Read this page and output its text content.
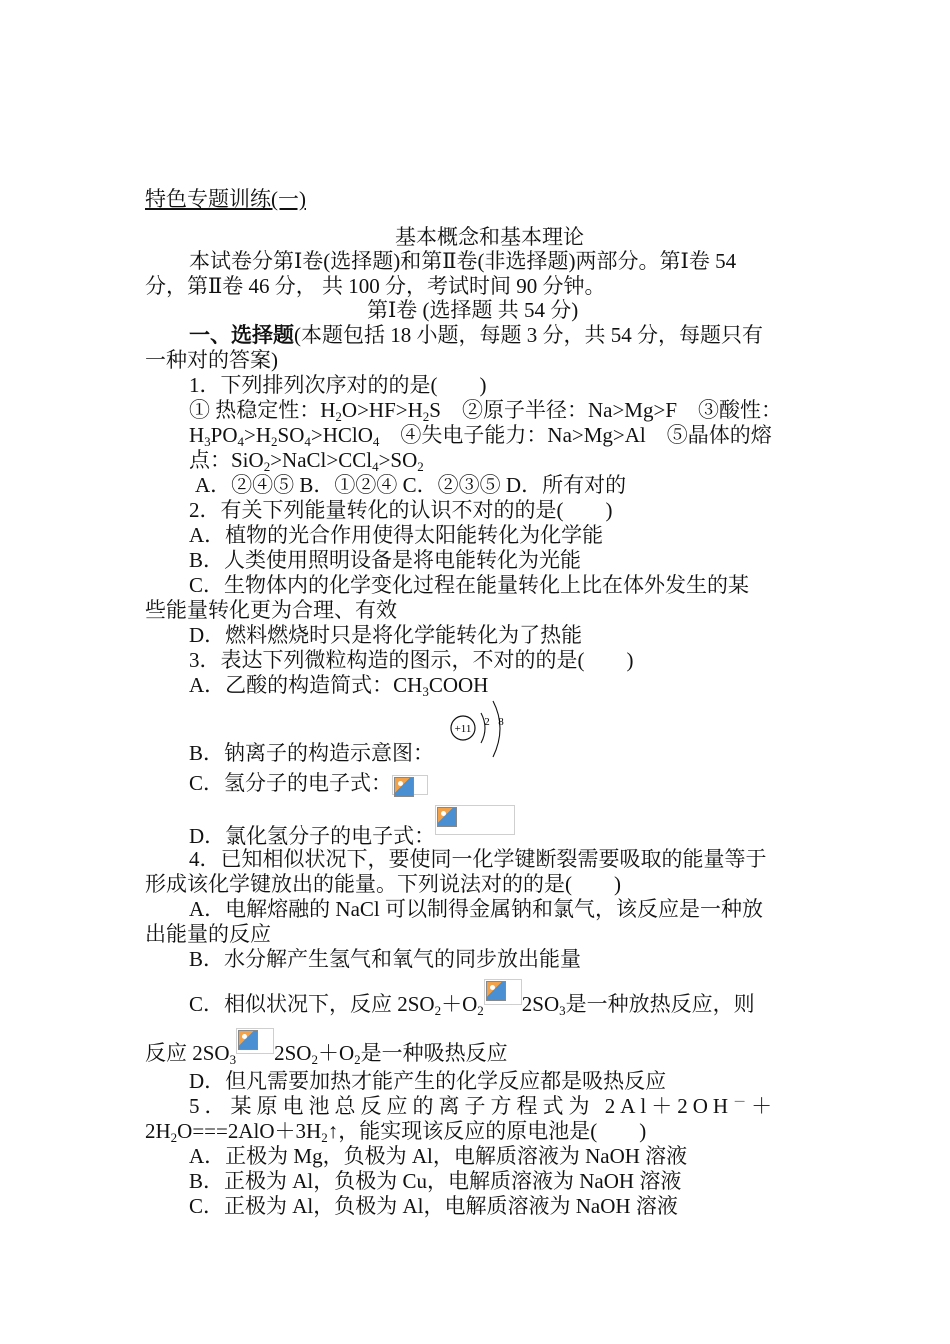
特色专题训练(一)
基本概念和基本理论
本试卷分第Ⅰ卷(选择题)和第Ⅱ卷(非选择题)两部分。第Ⅰ卷 54
分，第Ⅱ卷 46 分， 共 100 分，考试时间 90 分钟。
第Ⅰ卷 (选择题 共 54 分)
一、选择题(本题包括 18 小题，每题 3 分，共 54 分，每题只有
一种对的答案)
1．下列排列次序对的的是(　　)
① 热稳定性：$H_2O>HF>H_2S$　②原子半径：Na>Mg>F　③酸性：
$H_3PO_4>H_2SO_4>HClO_4$　④失电子能力：Na>Mg>Al　⑤晶体的熔
点：$SiO_2>NaCl>CCl_4>SO_2$
A．②④⑤ B．①②④ C．②③⑤ D．所有对的
2．有关下列能量转化的认识不对的的是(　　)
A．植物的光合作用使得太阳能转化为化学能
B．人类使用照明设备是将电能转化为光能
C．生物体内的化学变化过程在能量转化上比在体外发生的某
些能量转化更为合理、有效
D．燃料燃烧时只是将化学能转化为了热能
3．表达下列微粒构造的图示，不对的的是(　　)
A．乙酸的构造简式：$CH_3COOH$
+11
2 8
B．钠离子的构造示意图：
C．氢分子的电子式：
D．氯化氢分子的电子式：
4．已知相似状况下，要使同一化学键断裂需要吸取的能量等于
形成该化学键放出的能量。下列说法对的的是(　　)
A．电解熔融的 NaCl 可以制得金属钠和氯气，该反应是一种放
出能量的反应
B．水分解产生氢气和氧气的同步放出能量
C．相似状况下，反应 $2SO_2+O_2$ $2SO_3$是一种放热反应，则
反应 $2SO_3$ $2SO_2+O_2$是一种吸热反应
D．但凡需要加热才能产生的化学反应都是吸热反应
5．某原电池总反应的离子方程式为 2Al＋2OH－＋
$2H_2O===2AlO+3H_2↑$，能实现该反应的原电池是(　　)
A．正极为 Mg，负极为 Al，电解质溶液为 NaOH 溶液
B．正极为 Al，负极为 Cu，电解质溶液为 NaOH 溶液
C．正极为 Al，负极为 Al，电解质溶液为 NaOH 溶液
